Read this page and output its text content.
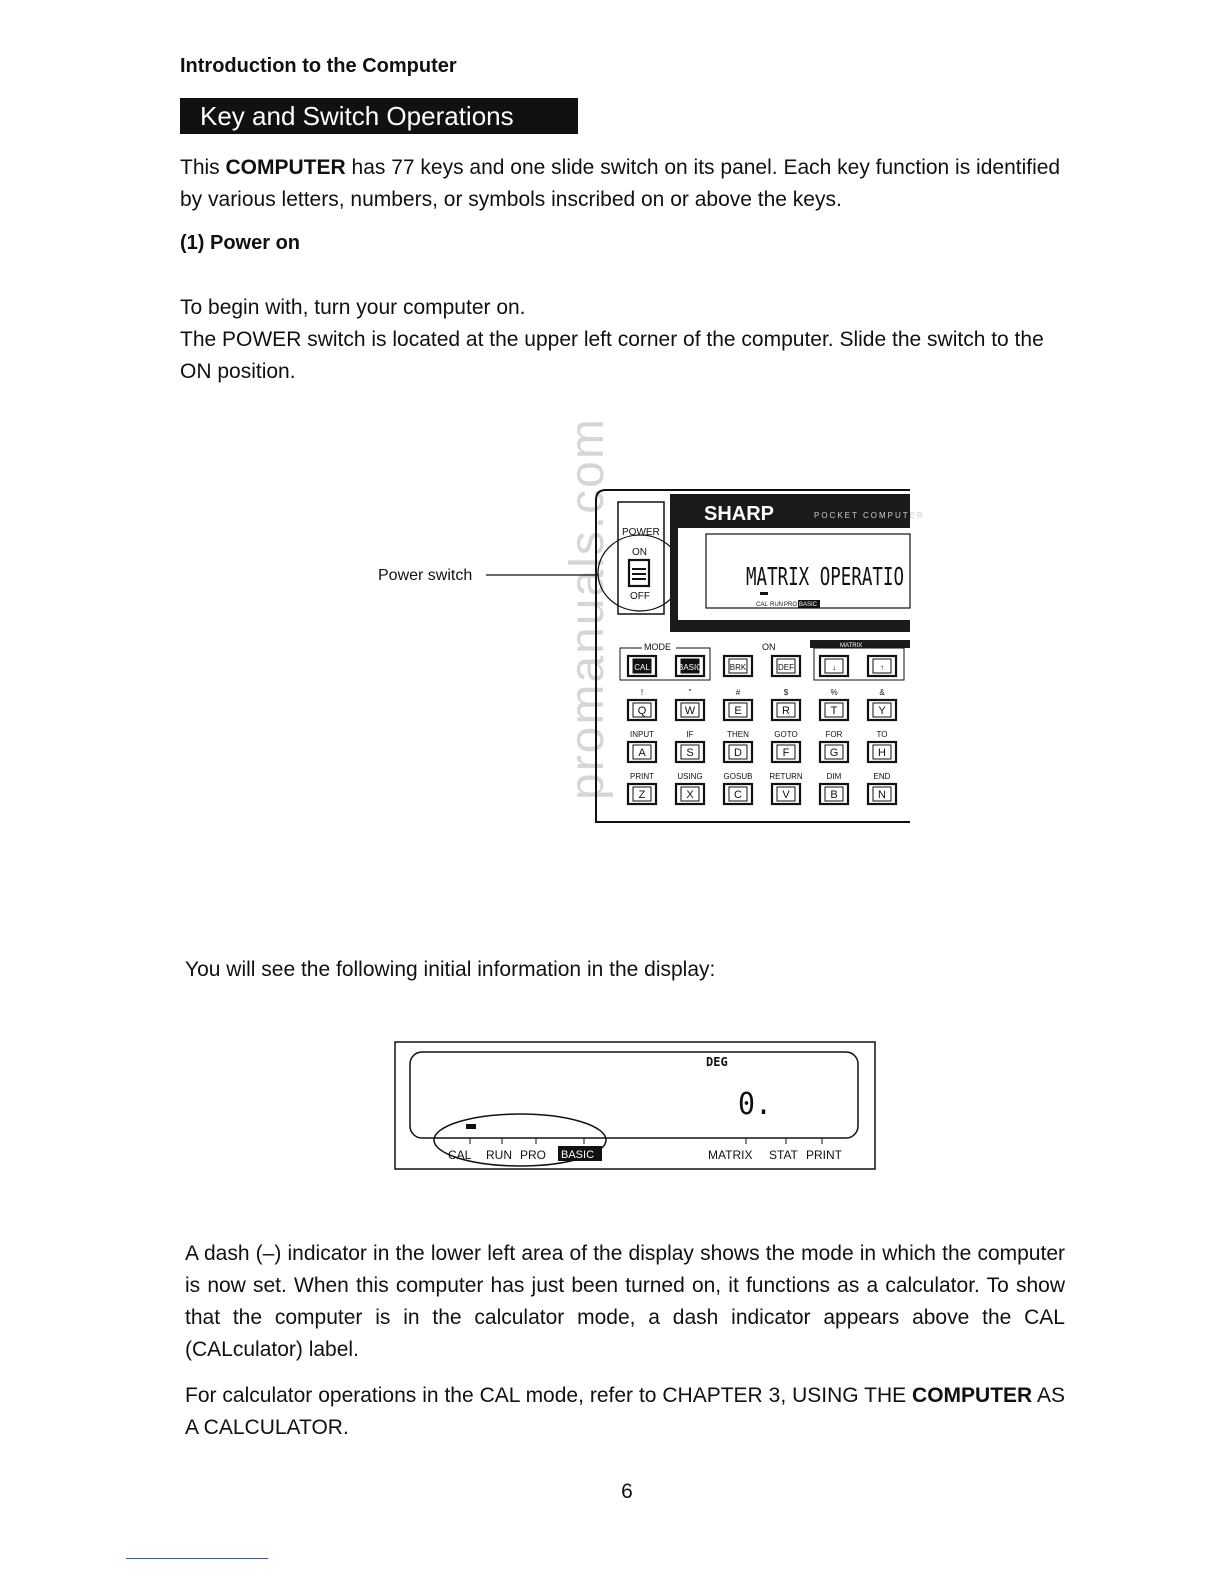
Introduction to the Computer
Key and Switch Operations

This COMPUTER has 77 keys and one slide switch on its panel. Each key function is identified by various letters, numbers, or symbols inscribed on or above the keys.

(1) Power on
To begin with, turn your computer on.
The POWER switch is located at the upper left corner of the computer. Slide the switch to the ON position.
promanuals.com
Power switch
POWER
ON
OFF
SHARP	POCKET COMPUTER
MATRIX OPERATIO
CAL RUN PRO BASIC
MATRIX
MODE	ON
CAL	BASIC	BRK	DEF	↓	↑
Q
!
W
"
E
#
R
$
T
%
Y
&
A
INPUT
S
IF
D
THEN
F
GOTO
G
FOR
H
TO
Z
PRINT
X
USING
C
GOSUB
V
RETURN
B
DIM
N
END

You will see the following initial information in the display:

DEG
0.
CAL RUN PRO BASIC	MATRIX STAT PRINT

A dash (–) indicator in the lower left area of the display shows the mode in which the computer is now set. When this computer has just been turned on, it functions as a calculator. To show that the computer is in the calculator mode, a dash indicator appears above the CAL (CALculator) label.

For calculator operations in the CAL mode, refer to CHAPTER 3, USING THE COMPUTER AS A CALCULATOR.

6
